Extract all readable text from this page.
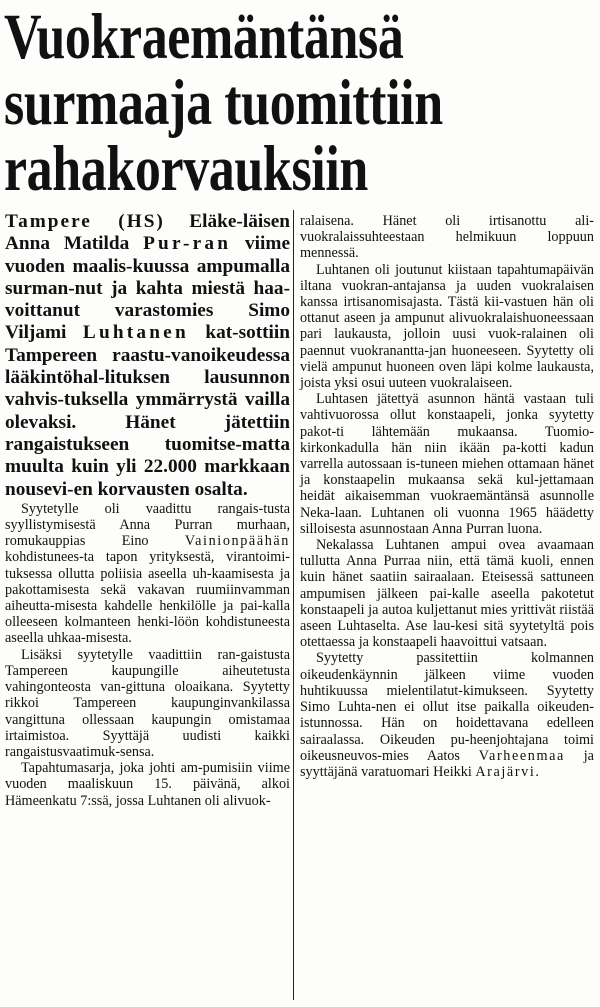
Vuokraemäntänsä
surmaaja tuomittiin
rahakorvauksiin

Tampere (HS) Eläke-läisen Anna Matilda Pur-ran viime vuoden maalis-kuussa ampumalla surman-nut ja kahta miestä haa-voittanut varastomies Simo Viljami Luhtanen kat-sottiin Tampereen raastu-vanoikeudessa lääkintöhal-lituksen lausunnon vahvis-tuksella ymmärrystä vailla olevaksi. Hänet jätettiin rangaistukseen tuomitse-matta muulta kuin yli 22.000 markkaan nousevi-en korvausten osalta.

Syytetylle oli vaadittu rangais-tusta syyllistymisestä Anna Purran murhaan, romukauppias Eino Vainionpäähän kohdistunees-ta tapon yrityksestä, virantoimi-tuksessa ollutta poliisia aseella uh-kaamisesta ja pakottamisesta sekä vakavan ruumiinvamman aiheutta-misesta kahdelle henkilölle ja pai-kalla olleeseen kolmanteen henki-löön kohdistuneesta aseella uhkaa-misesta.

Lisäksi syytetylle vaadittiin ran-gaistusta Tampereen kaupungille aiheutetusta vahingonteosta van-gittuna oloaikana. Syytetty rikkoi Tampereen kaupunginvankilassa vangittuna ollessaan kaupungin omistamaa irtaimistoa. Syyttäjä uudisti kaikki rangaistusvaatimuk-sensa.

Tapahtumasarja, joka johti am-pumisiin viime vuoden maaliskuun 15. päivänä, alkoi Hämeenkatu 7:ssä, jossa Luhtanen oli alivuok-

ralaisena. Hänet oli irtisanottu ali-vuokralaissuhteestaan helmikuun loppuun mennessä.

Luhtanen oli joutunut kiistaan tapahtumapäivän iltana vuokran-antajansa ja uuden vuokralaisen kanssa irtisanomisajasta. Tästä kii-vastuen hän oli ottanut aseen ja ampunut alivuokralaishuoneessaan pari laukausta, jolloin uusi vuok-ralainen oli paennut vuokranantta-jan huoneeseen. Syytetty oli vielä ampunut huoneen oven läpi kolme laukausta, joista yksi osui uuteen vuokralaiseen.

Luhtasen jätettyä asunnon häntä vastaan tuli vahtivuorossa ollut konstaapeli, jonka syytetty pakot-ti lähtemään mukaansa. Tuomio-kirkonkadulla hän niin ikään pa-kotti kadun varrella autossaan is-tuneen miehen ottamaan hänet ja konstaapelin mukaansa sekä kul-jettamaan heidät aikaisemman vuokraemäntänsä asunnolle Neka-laan. Luhtanen oli vuonna 1965 häädetty silloisesta asunnostaan Anna Purran luona.

Nekalassa Luhtanen ampui ovea avaamaan tullutta Anna Purraa niin, että tämä kuoli, ennen kuin hänet saatiin sairaalaan. Eteisessä sattuneen ampumisen jälkeen pai-kalle aseella pakotetut konstaapeli ja autoa kuljettanut mies yrittivät riistää aseen Luhtaselta. Ase lau-kesi sitä syytetyltä pois otettaessa ja konstaapeli haavoittui vatsaan.

Syytetty passitettiin kolmannen oikeudenkäynnin jälkeen viime vuoden huhtikuussa mielentilatut-kimukseen. Syytetty Simo Luhta-nen ei ollut itse paikalla oikeuden-istunnossa. Hän on hoidettavana edelleen sairaalassa. Oikeuden pu-heenjohtajana toimi oikeusneuvos-mies Aatos Varheenmaa ja syyttäjänä varatuomari Heikki Arajärvi.
